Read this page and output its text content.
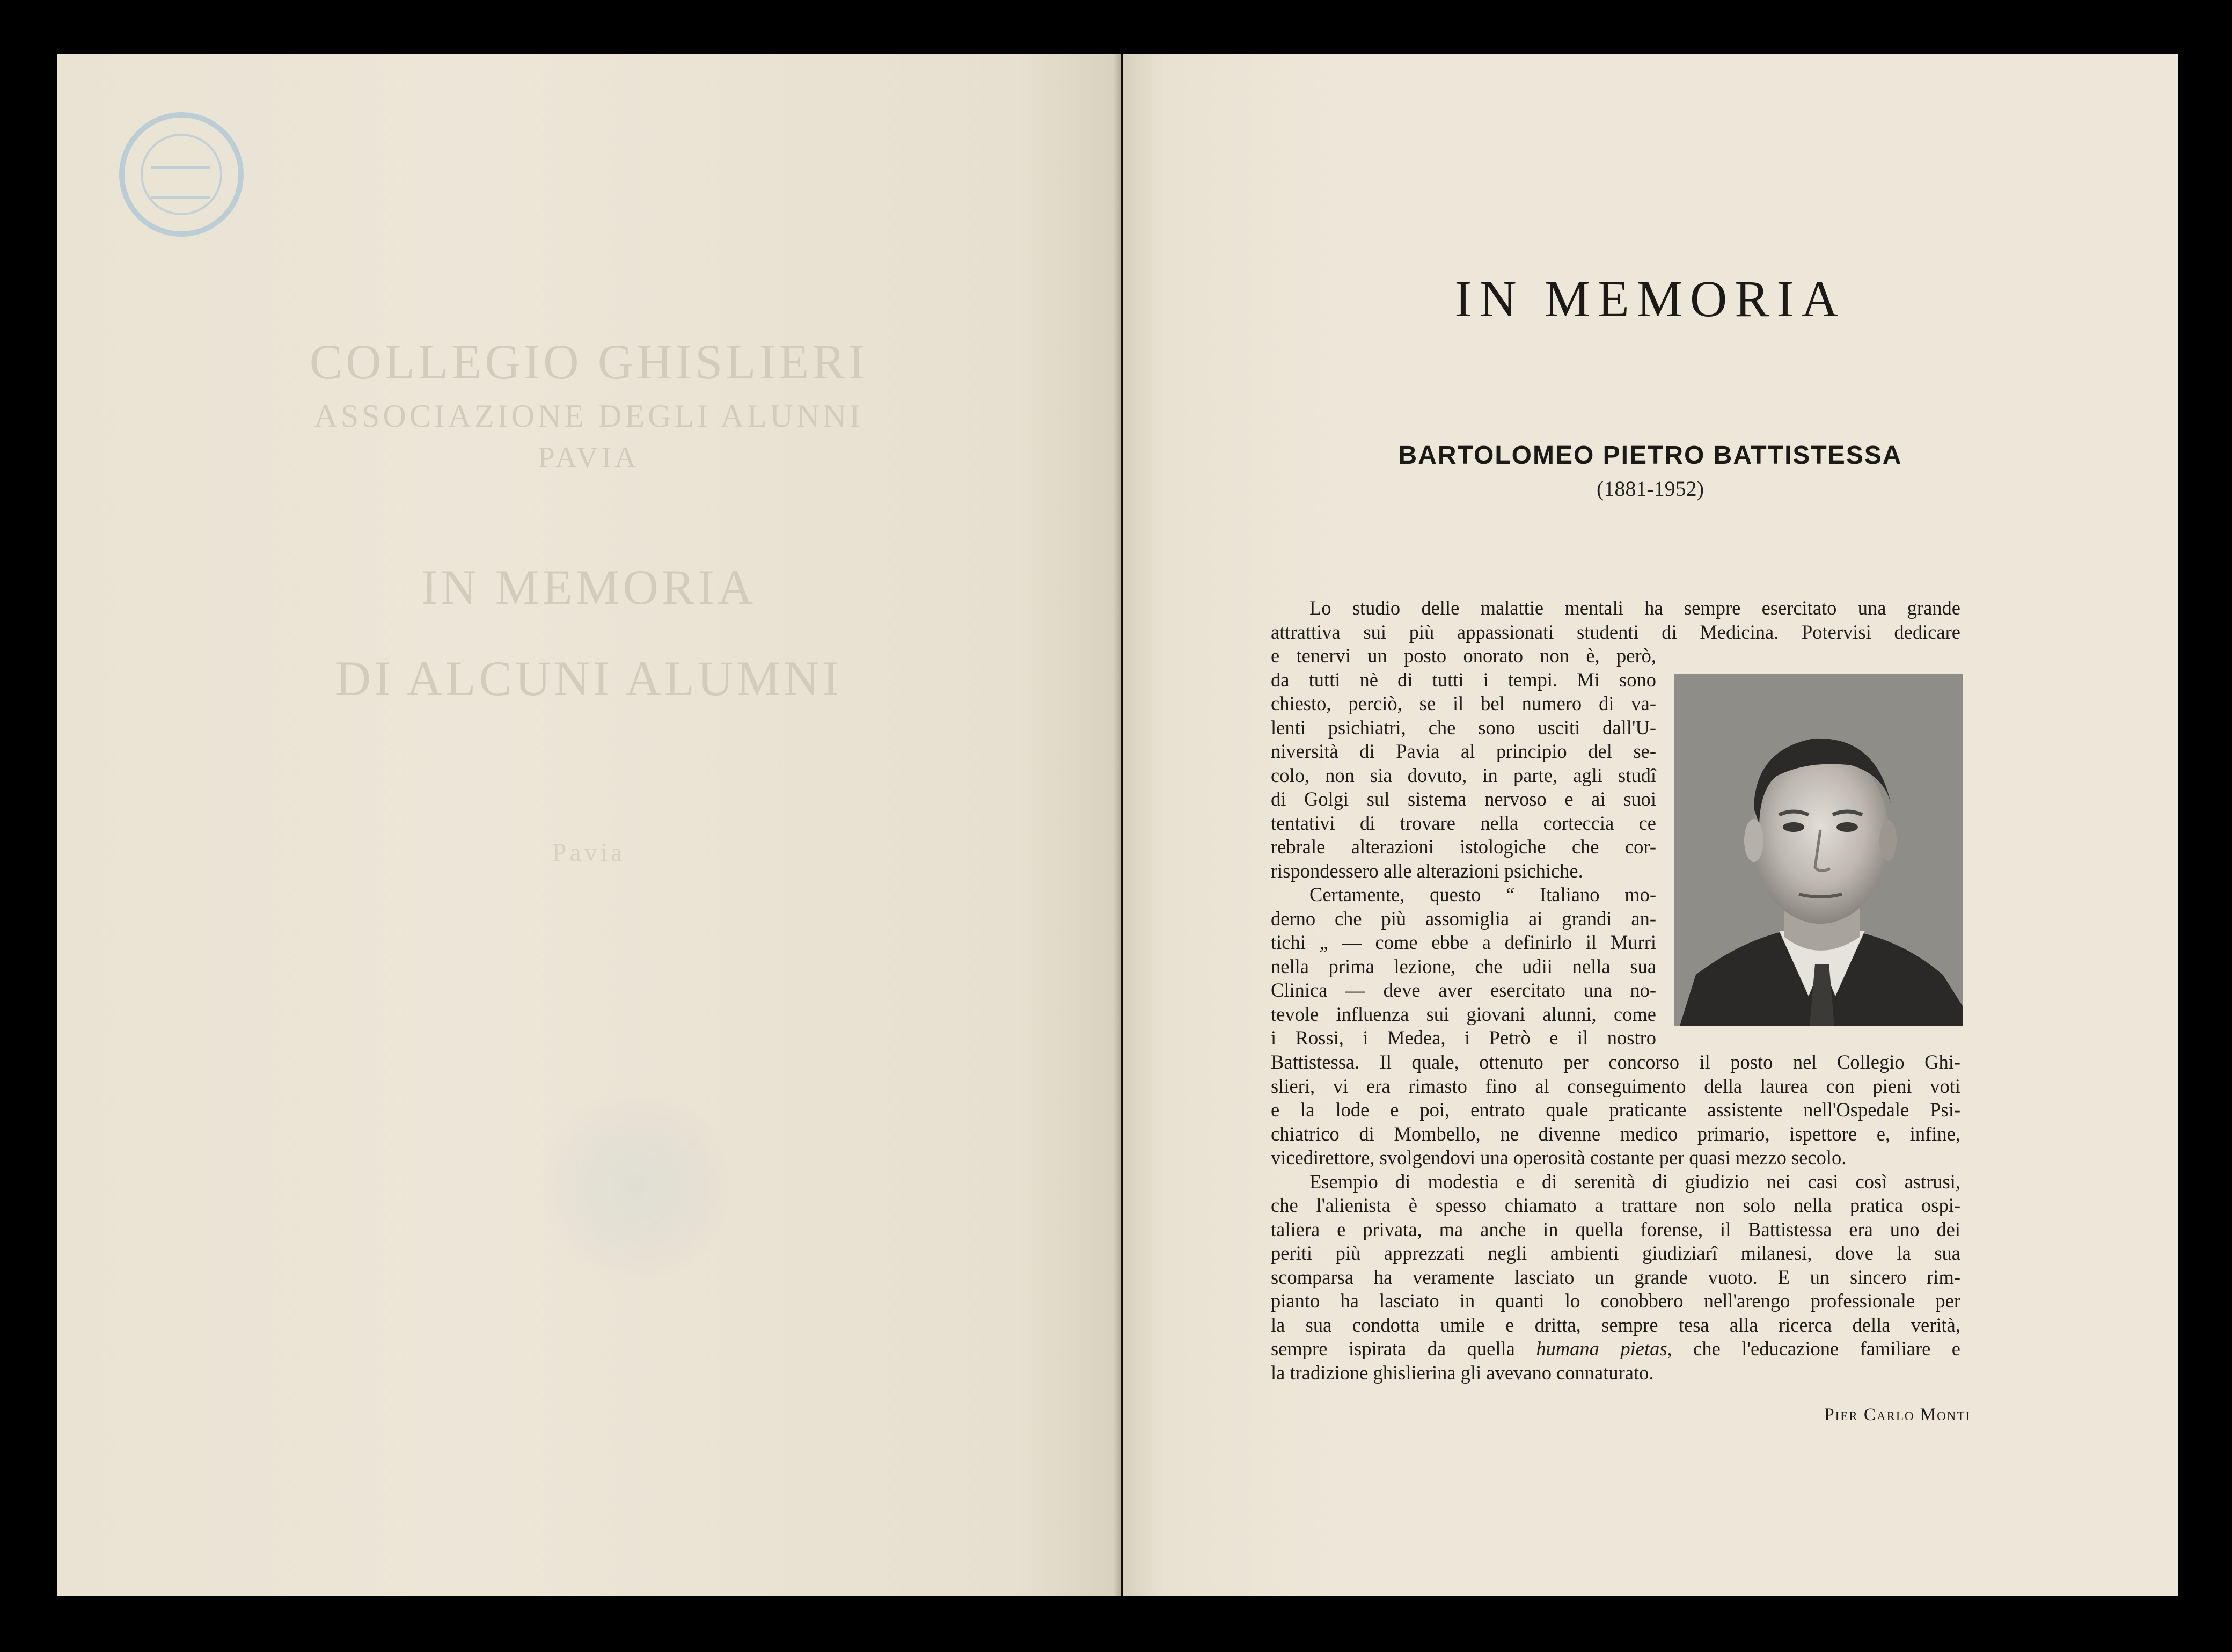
COLLEGIO GHISLIERI
ASSOCIAZIONE DEGLI ALUNNI
PAVIA
IN MEMORIA
DI ALCUNI ALUMNI
Pavia
IN MEMORIA
BARTOLOMEO PIETRO BATTISTESSA
(1881-1952)
Lo studio delle malattie mentali ha sempre esercitato una grande
attrattiva sui più appassionati studenti di Medicina. Potervisi dedicare
e tenervi un posto onorato non è, però,
da tutti nè di tutti i tempi. Mi sono
chiesto, perciò, se il bel numero di va-
lenti psichiatri, che sono usciti dall'U-
niversità di Pavia al principio del se-
colo, non sia dovuto, in parte, agli studî
di Golgi sul sistema nervoso e ai suoi
tentativi di trovare nella corteccia ce
rebrale alterazioni istologiche che cor-
rispondessero alle alterazioni psichiche.
Certamente, questo “ Italiano mo-
derno che più assomiglia ai grandi an-
tichi „ — come ebbe a definirlo il Murri
nella prima lezione, che udii nella sua
Clinica — deve aver esercitato una no-
tevole influenza sui giovani alunni, come
i Rossi, i Medea, i Petrò e il nostro
Battistessa. Il quale, ottenuto per concorso il posto nel Collegio Ghi-
slieri, vi era rimasto fino al conseguimento della laurea con pieni voti
e la lode e poi, entrato quale praticante assistente nell'Ospedale Psi-
chiatrico di Mombello, ne divenne medico primario, ispettore e, infine,
vicedirettore, svolgendovi una operosità costante per quasi mezzo secolo.
Esempio di modestia e di serenità di giudizio nei casi così astrusi,
che l'alienista è spesso chiamato a trattare non solo nella pratica ospi-
taliera e privata, ma anche in quella forense, il Battistessa era uno dei
periti più apprezzati negli ambienti giudiziarî milanesi, dove la sua
scomparsa ha veramente lasciato un grande vuoto. E un sincero rim-
pianto ha lasciato in quanti lo conobbero nell'arengo professionale per
la sua condotta umile e dritta, sempre tesa alla ricerca della verità,
sempre ispirata da quella humana pietas, che l'educazione familiare e
la tradizione ghislierina gli avevano connaturato.
Pier Carlo Monti
